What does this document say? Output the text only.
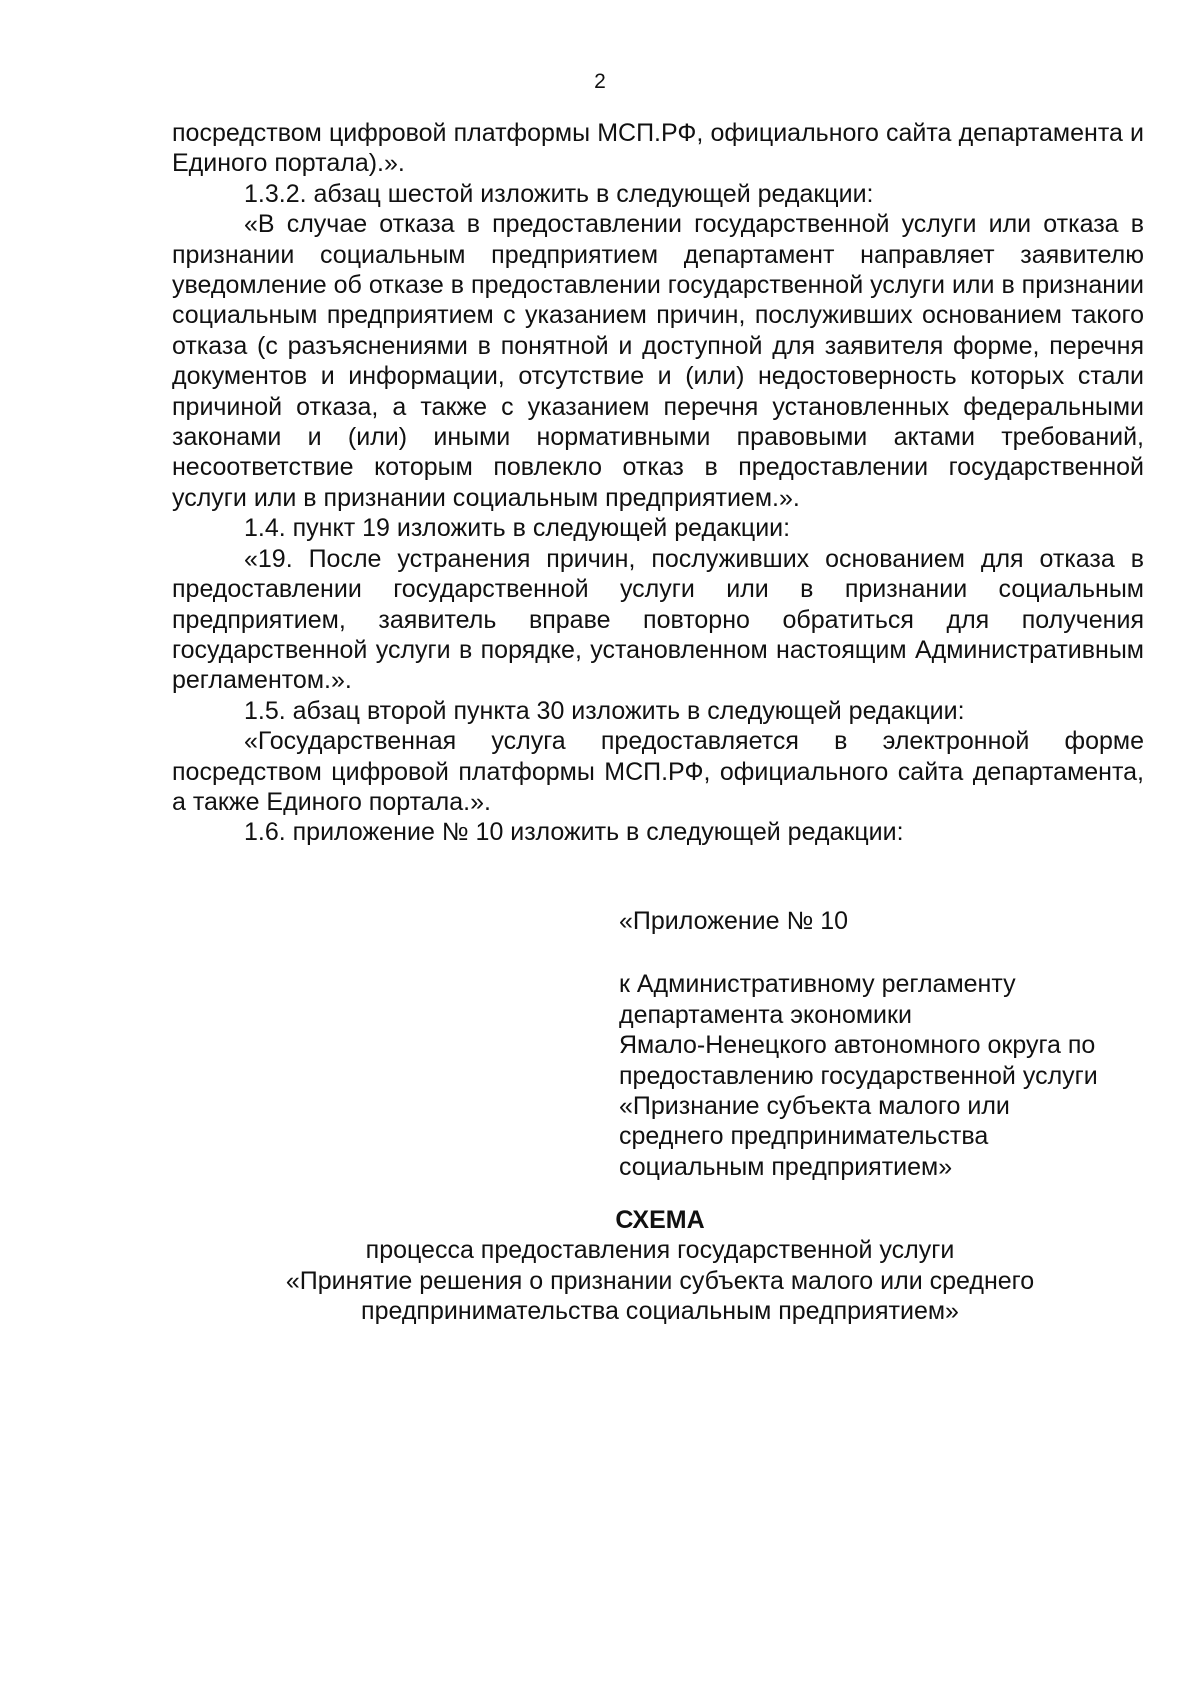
2

посредством цифровой платформы МСП.РФ, официального сайта департамента и Единого портала).».

1.3.2. абзац шестой изложить в следующей редакции:

«В случае отказа в предоставлении государственной услуги или отказа в признании социальным предприятием департамент направляет заявителю уведомление об отказе в предоставлении государственной услуги или в признании социальным предприятием с указанием причин, послуживших основанием такого отказа (с разъяснениями в понятной и доступной для заявителя форме, перечня документов и информации, отсутствие и (или) недостоверность которых стали причиной отказа, а также с указанием перечня установленных федеральными законами и (или) иными нормативными правовыми актами требований, несоответствие которым повлекло отказ в предоставлении государственной услуги или в признании социальным предприятием.».

1.4. пункт 19 изложить в следующей редакции:

«19. После устранения причин, послуживших основанием для отказа в предоставлении государственной услуги или в признании социальным предприятием, заявитель вправе повторно обратиться для получения государственной услуги в порядке, установленном настоящим Административным регламентом.».

1.5. абзац второй пункта 30 изложить в следующей редакции:

«Государственная услуга предоставляется в электронной форме посредством цифровой платформы МСП.РФ, официального сайта департамента, а также Единого портала.».

1.6. приложение № 10 изложить в следующей редакции:

«Приложение № 10

к Административному регламенту
департамента экономики
Ямало-Ненецкого автономного округа по
предоставлению государственной услуги
«Признание субъекта малого или
среднего предпринимательства
социальным предприятием»
СХЕМА
процесса предоставления государственной услуги
«Принятие решения о признании субъекта малого или среднего
предпринимательства социальным предприятием»
